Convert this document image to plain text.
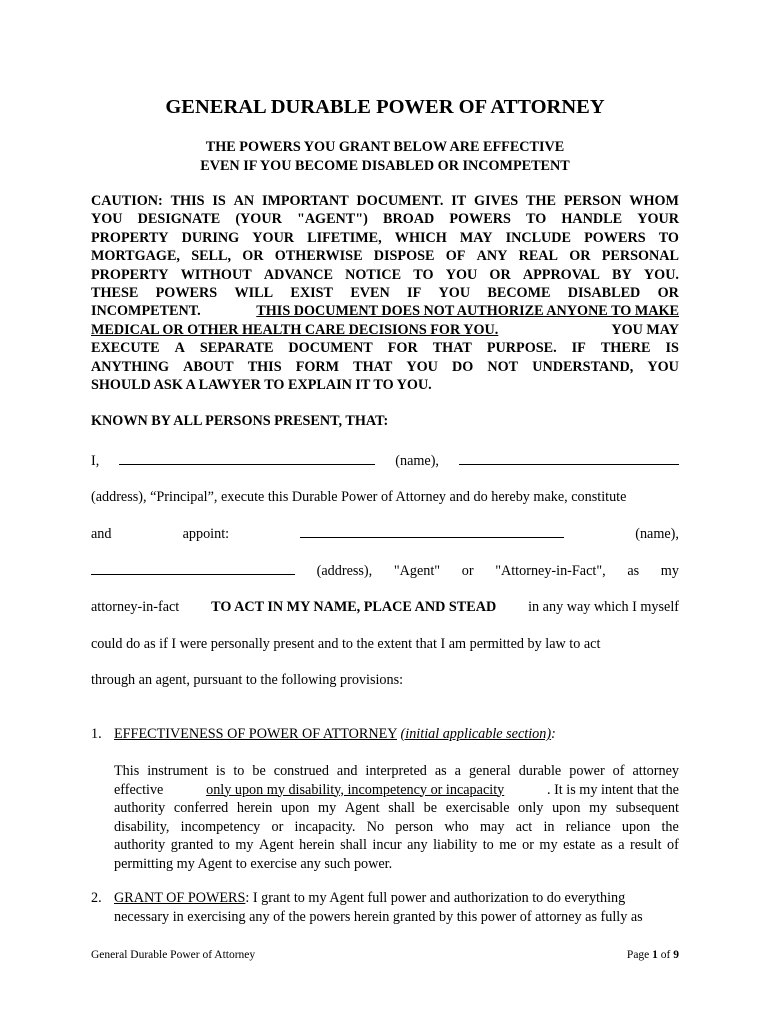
GENERAL DURABLE POWER OF ATTORNEY
THE POWERS YOU GRANT BELOW ARE EFFECTIVE
EVEN IF YOU BECOME DISABLED OR INCOMPETENT
CAUTION: THIS IS AN IMPORTANT DOCUMENT. IT GIVES THE PERSON WHOM
YOU DESIGNATE (YOUR "AGENT") BROAD POWERS TO HANDLE YOUR
PROPERTY DURING YOUR LIFETIME, WHICH MAY INCLUDE POWERS TO
MORTGAGE, SELL, OR OTHERWISE DISPOSE OF ANY REAL OR PERSONAL
PROPERTY WITHOUT ADVANCE NOTICE TO YOU OR APPROVAL BY YOU.
THESE POWERS WILL EXIST EVEN IF YOU BECOME DISABLED OR
INCOMPETENT.	THIS DOCUMENT DOES NOT AUTHORIZE ANYONE TO MAKE
MEDICAL OR OTHER HEALTH CARE DECISIONS FOR YOU.	YOU MAY
EXECUTE A SEPARATE DOCUMENT FOR THAT PURPOSE. IF THERE IS
ANYTHING ABOUT THIS FORM THAT YOU DO NOT UNDERSTAND, YOU
SHOULD ASK A LAWYER TO EXPLAIN IT TO YOU.
KNOWN BY ALL PERSONS PRESENT, THAT:
I,	(name),
(address), “Principal”, execute this Durable Power of Attorney and do hereby make, constitute
and	appoint:	(name),
(address), "Agent" or "Attorney-in-Fact", as my
attorney-in-fact TO ACT IN MY NAME, PLACE AND STEAD in any way which I myself
could do as if I were personally present and to the extent that I am permitted by law to act
through an agent, pursuant to the following provisions:
1. EFFECTIVENESS OF POWER OF ATTORNEY (initial applicable section):
This instrument is to be construed and interpreted as a general durable power of attorney
effective	only upon my disability, incompetency or incapacity	. It is my intent that the
authority conferred herein upon my Agent shall be exercisable only upon my subsequent
disability, incompetency or incapacity. No person who may act in reliance upon the
authority granted to my Agent herein shall incur any liability to me or my estate as a result of
permitting my Agent to exercise any such power.
2. GRANT OF POWERS: I grant to my Agent full power and authorization to do everything
necessary in exercising any of the powers herein granted by this power of attorney as fully as
General Durable Power of Attorney	Page 1 of 9
